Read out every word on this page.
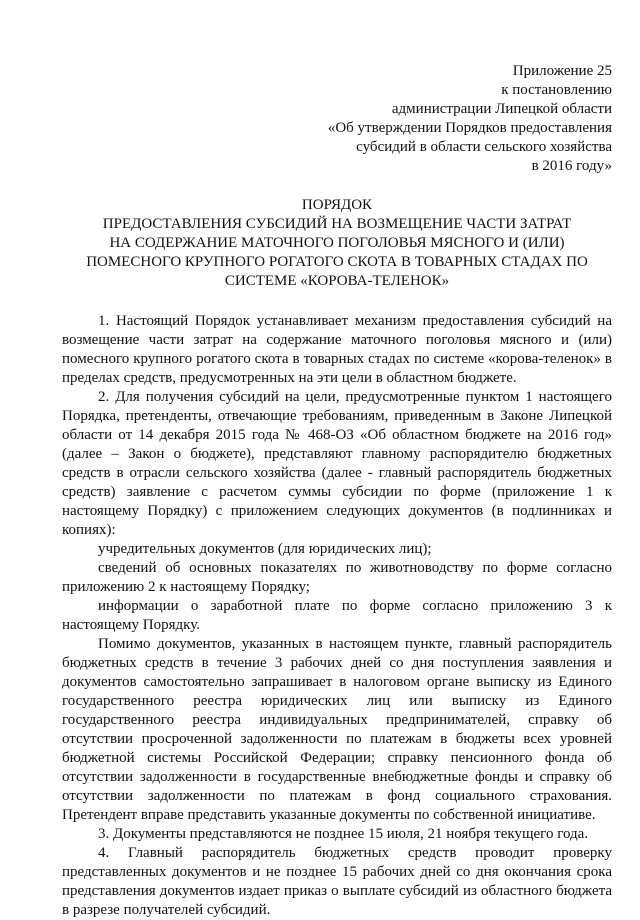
Приложение 25
к постановлению
администрации Липецкой области
«Об утверждении Порядков предоставления
субсидий в области сельского хозяйства
в 2016 году»
ПОРЯДОК
ПРЕДОСТАВЛЕНИЯ СУБСИДИЙ НА ВОЗМЕЩЕНИЕ ЧАСТИ ЗАТРАТ
НА СОДЕРЖАНИЕ МАТОЧНОГО ПОГОЛОВЬЯ МЯСНОГО И (ИЛИ)
ПОМЕСНОГО КРУПНОГО РОГАТОГО СКОТА В ТОВАРНЫХ СТАДАХ ПО
СИСТЕМЕ «КОРОВА-ТЕЛЕНОК»

1. Настоящий Порядок устанавливает механизм предоставления субсидий на возмещение части затрат на содержание маточного поголовья мясного и (или) помесного крупного рогатого скота в товарных стадах по системе «корова-теленок» в пределах средств, предусмотренных на эти цели в областном бюджете.

2. Для получения субсидий на цели, предусмотренные пунктом 1 настоящего Порядка, претенденты, отвечающие требованиям, приведенным в Законе Липецкой области от 14 декабря 2015 года № 468-ОЗ «Об областном бюджете на 2016 год» (далее – Закон о бюджете), представляют главному распорядителю бюджетных средств в отрасли сельского хозяйства (далее - главный распорядитель бюджетных средств) заявление с расчетом суммы субсидии по форме (приложение 1 к настоящему Порядку) с приложением следующих документов (в подлинниках и копиях):

учредительных документов (для юридических лиц);

сведений об основных показателях по животноводству по форме согласно приложению 2 к настоящему Порядку;

информации о заработной плате по форме согласно приложению 3 к настоящему Порядку.

Помимо документов, указанных в настоящем пункте, главный распорядитель бюджетных средств в течение 3 рабочих дней со дня поступления заявления и документов самостоятельно запрашивает в налоговом органе выписку из Единого государственного реестра юридических лиц или выписку из Единого государственного реестра индивидуальных предпринимателей, справку об отсутствии просроченной задолженности по платежам в бюджеты всех уровней бюджетной системы Российской Федерации; справку пенсионного фонда об отсутствии задолженности в государственные внебюджетные фонды и справку об отсутствии задолженности по платежам в фонд социального страхования. Претендент вправе представить указанные документы по собственной инициативе.

3. Документы представляются не позднее 15 июля, 21 ноября текущего года.

4. Главный распорядитель бюджетных средств проводит проверку представленных документов и не позднее 15 рабочих дней со дня окончания срока представления документов издает приказ о выплате субсидий из областного бюджета в разрезе получателей субсидий.
